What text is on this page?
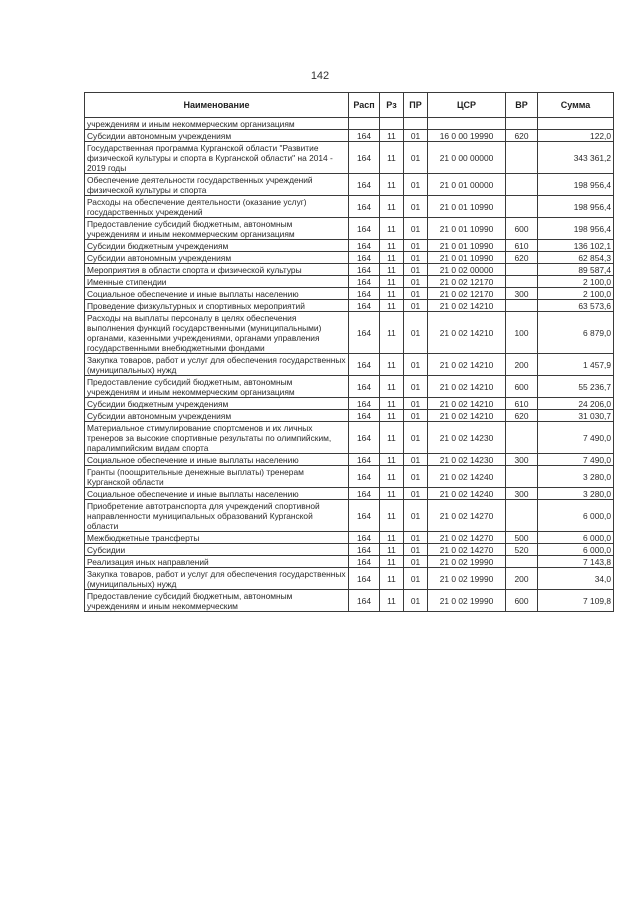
142
Наименование	Расп	Рз	ПР	ЦСР	ВР	Сумма
учреждениям и иным некоммерческим организациям						
Субсидии автономным учреждениям	164	11	01	16 0 00 19990	620	122,0
Государственная программа Курганской области "Развитие физической культуры и спорта в Курганской области" на 2014 - 2019 годы	164	11	01	21 0 00 00000		343 361,2
Обеспечение деятельности государственных учреждений физической культуры и спорта	164	11	01	21 0 01 00000		198 956,4
Расходы на обеспечение деятельности (оказание услуг) государственных учреждений	164	11	01	21 0 01 10990		198 956,4
Предоставление субсидий бюджетным, автономным учреждениям и иным некоммерческим организациям	164	11	01	21 0 01 10990	600	198 956,4
Субсидии бюджетным учреждениям	164	11	01	21 0 01 10990	610	136 102,1
Субсидии автономным учреждениям	164	11	01	21 0 01 10990	620	62 854,3
Мероприятия в области спорта и физической культуры	164	11	01	21 0 02 00000		89 587,4
Именные стипендии	164	11	01	21 0 02 12170		2 100,0
Социальное обеспечение и иные выплаты населению	164	11	01	21 0 02 12170	300	2 100,0
Проведение физкультурных и спортивных мероприятий	164	11	01	21 0 02 14210		63 573,6
Расходы на выплаты персоналу в целях обеспечения выполнения функций государственными (муниципальными) органами, казенными учреждениями, органами управления государственными внебюджетными фондами	164	11	01	21 0 02 14210	100	6 879,0
Закупка товаров, работ и услуг для обеспечения государственных (муниципальных) нужд	164	11	01	21 0 02 14210	200	1 457,9
Предоставление субсидий бюджетным, автономным учреждениям и иным некоммерческим организациям	164	11	01	21 0 02 14210	600	55 236,7
Субсидии бюджетным учреждениям	164	11	01	21 0 02 14210	610	24 206,0
Субсидии автономным учреждениям	164	11	01	21 0 02 14210	620	31 030,7
Материальное стимулирование спортсменов и их личных тренеров за высокие спортивные результаты по олимпийским, паралимпийским видам спорта	164	11	01	21 0 02 14230		7 490,0
Социальное обеспечение и иные выплаты населению	164	11	01	21 0 02 14230	300	7 490,0
Гранты (поощрительные денежные выплаты) тренерам Курганской области	164	11	01	21 0 02 14240		3 280,0
Социальное обеспечение и иные выплаты населению	164	11	01	21 0 02 14240	300	3 280,0
Приобретение автотранспорта для учреждений спортивной направленности муниципальных образований Курганской области	164	11	01	21 0 02 14270		6 000,0
Межбюджетные трансферты	164	11	01	21 0 02 14270	500	6 000,0
Субсидии	164	11	01	21 0 02 14270	520	6 000,0
Реализация иных направлений	164	11	01	21 0 02 19990		7 143,8
Закупка товаров, работ и услуг для обеспечения государственных (муниципальных) нужд	164	11	01	21 0 02 19990	200	34,0
Предоставление субсидий бюджетным, автономным учреждениям и иным некоммерческим	164	11	01	21 0 02 19990	600	7 109,8
